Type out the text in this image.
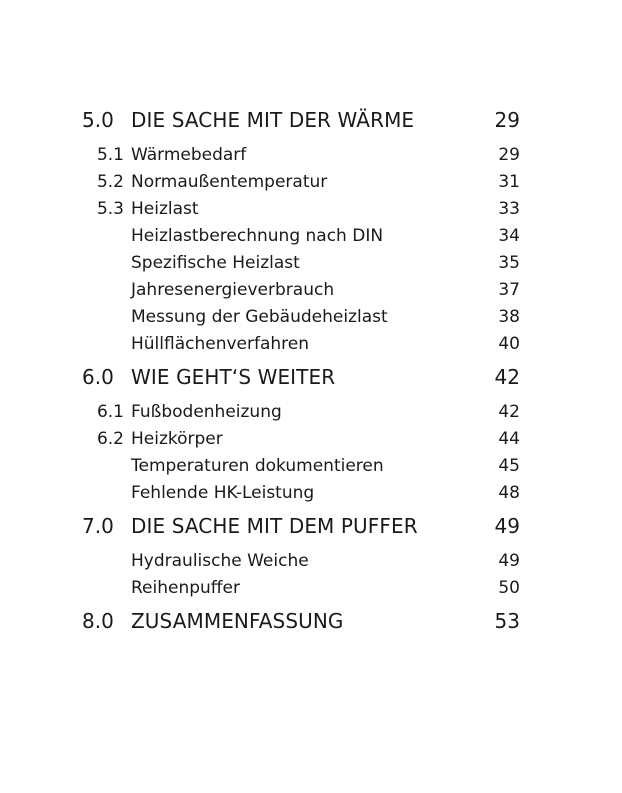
5.0 DIE SACHE MIT DER WÄRME	29
5.1 Wärmebedarf	29
5.2 Normaußentemperatur	31
5.3 Heizlast	33
Heizlastberechnung nach DIN	34
Spezifische Heizlast	35
Jahresenergieverbrauch	37
Messung der Gebäudeheizlast	38
Hüllflächenverfahren	40
6.0 WIE GEHT‘S WEITER	42
6.1 Fußbodenheizung	42
6.2 Heizkörper	44
Temperaturen dokumentieren	45
Fehlende HK-Leistung	48
7.0 DIE SACHE MIT DEM PUFFER	49
Hydraulische Weiche	49
Reihenpuffer	50
8.0 ZUSAMMENFASSUNG	53
